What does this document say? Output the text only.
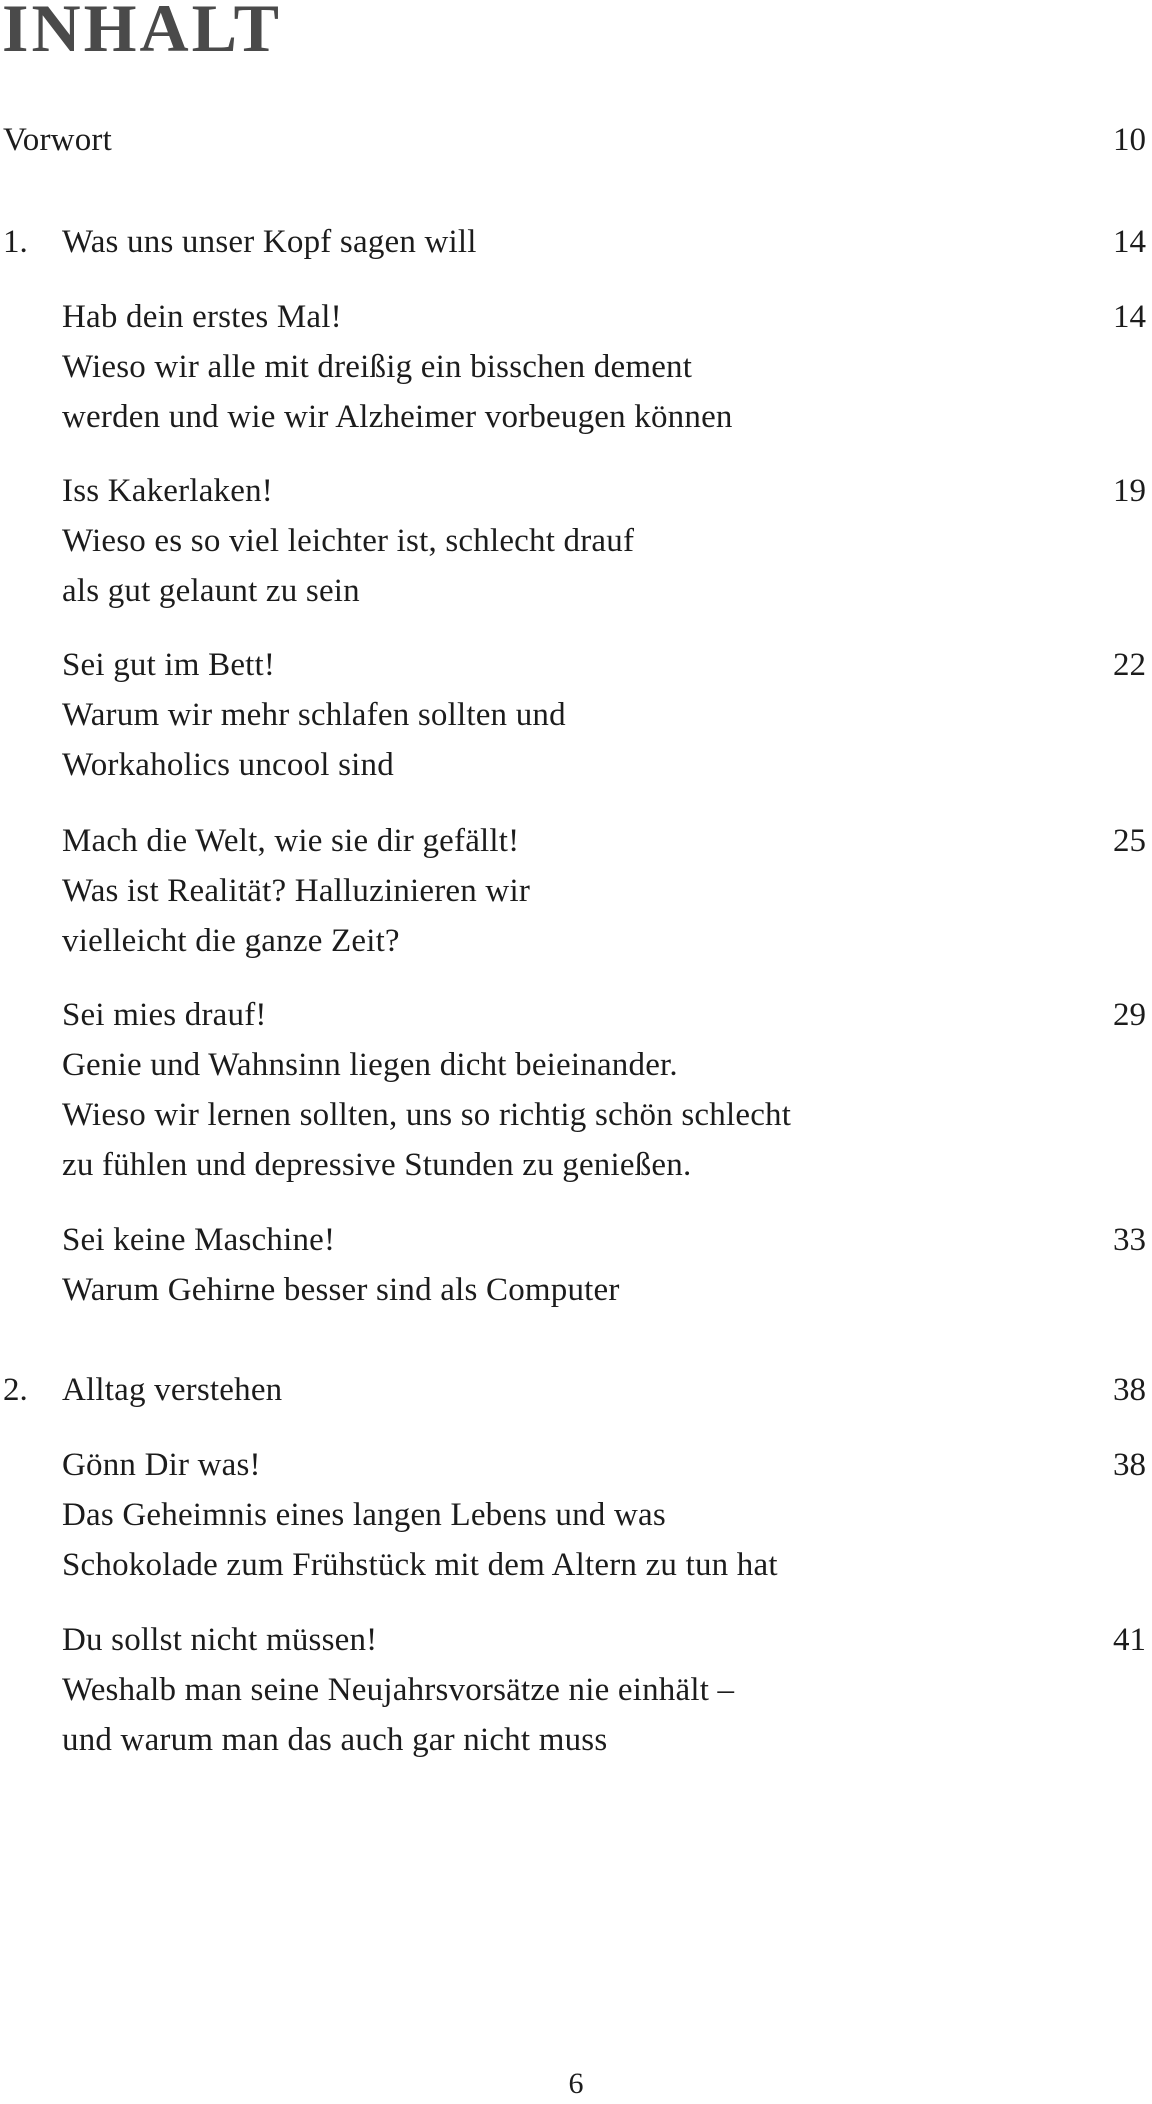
INHALT
Vorwort	10
1. Was uns unser Kopf sagen will	14
Hab dein erstes Mal!	14
Wieso wir alle mit dreißig ein bisschen dement
werden und wie wir Alzheimer vorbeugen können
Iss Kakerlaken!	19
Wieso es so viel leichter ist, schlecht drauf
als gut gelaunt zu sein
Sei gut im Bett!	22
Warum wir mehr schlafen sollten und
Workaholics uncool sind
Mach die Welt, wie sie dir gefällt!	25
Was ist Realität? Halluzinieren wir
vielleicht die ganze Zeit?
Sei mies drauf!	29
Genie und Wahnsinn liegen dicht beieinander.
Wieso wir lernen sollten, uns so richtig schön schlecht
zu fühlen und depressive Stunden zu genießen.
Sei keine Maschine!	33
Warum Gehirne besser sind als Computer
2. Alltag verstehen	38
Gönn Dir was!	38
Das Geheimnis eines langen Lebens und was
Schokolade zum Frühstück mit dem Altern zu tun hat
Du sollst nicht müssen!	41
Weshalb man seine Neujahrsvorsätze nie einhält –
und warum man das auch gar nicht muss
6
